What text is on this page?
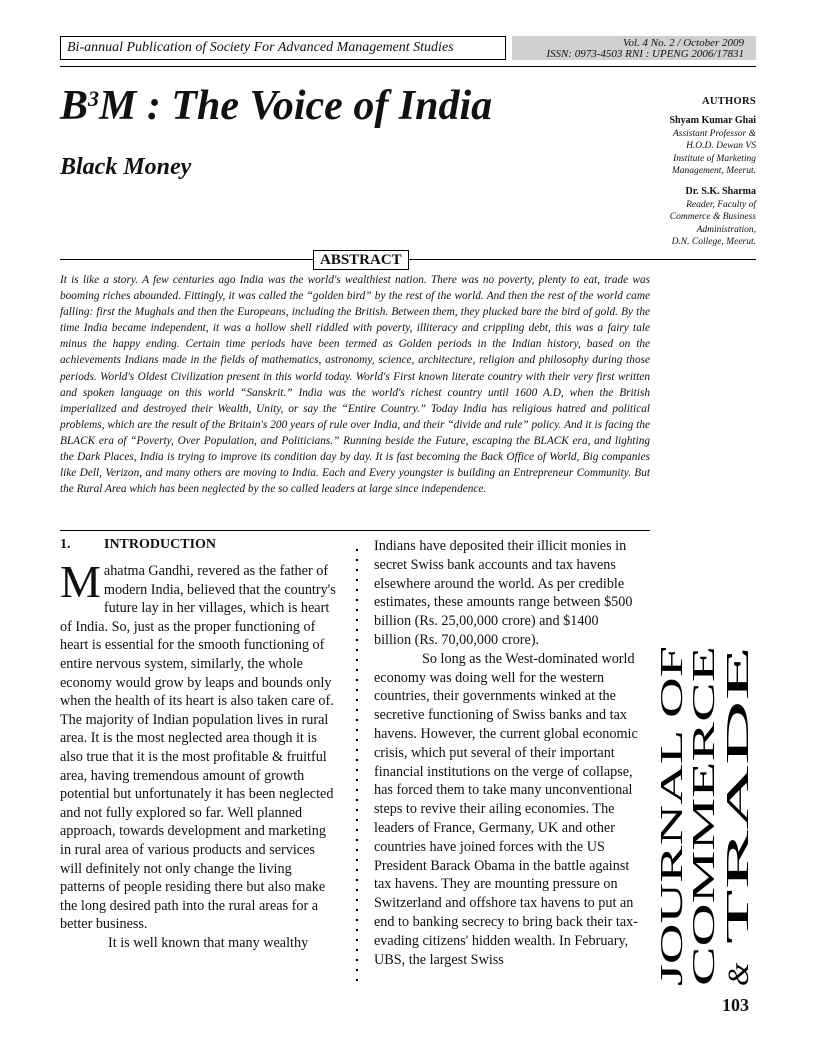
Bi-annual Publication of Society For Advanced Management Studies	Vol. 4 No. 2 / October 2009
ISSN: 0973-4503 RNI : UPENG 2006/17831
$B^3M$ : The Voice of India
Black Money
AUTHORS
Shyam Kumar Ghai
Assistant Professor &
H.O.D. Dewan VS
Institute of Marketing
Management, Meerut.
Dr. S.K. Sharma
Reader, Faculty of
Commerce & Business
Administration,
D.N. College, Meerut.
ABSTRACT
It is like a story. A few centuries ago India was the world's wealthiest nation. There was no poverty, plenty to eat, trade was booming riches abounded. Fittingly, it was called the “golden bird” by the rest of the world. And then the rest of the world came falling: first the Mughals and then the Europeans, including the British. Between them, they plucked bare the bird of gold. By the time India became independent, it was a hollow shell riddled with poverty, illiteracy and crippling debt, this was a fairy tale minus the happy ending. Certain time periods have been termed as Golden periods in the Indian history, based on the achievements Indians made in the fields of mathematics, astronomy, science, architecture, religion and philosophy during those periods. World's Oldest Civilization present in this world today. World's First known literate country with their very first written and spoken language on this world “Sanskrit.” India was the world's richest country until 1600 A.D, when the British imperialized and destroyed their Wealth, Unity, or say the “Entire Country.” Today India has religious hatred and political problems, which are the result of the Britain's 200 years of rule over India, and their “divide and rule” policy. And it is facing the BLACK era of “Poverty, Over Population, and Politicians.” Running beside the Future, escaping the BLACK era, and lighting the Dark Places, India is trying to improve its condition day by day. It is fast becoming the Back Office of World, Big companies like Dell, Verizon, and many others are moving to India. Each and Every youngster is building an Entrepreneur Community. But the Rural Area which has been neglected by the so called leaders at large since independence.
1. INTRODUCTION

Mahatma Gandhi, revered as the father of modern India, believed that the country's future lay in her villages, which is heart of India. So, just as the proper functioning of heart is essential for the smooth functioning of entire nervous system, similarly, the whole economy would grow by leaps and bounds only when the health of its heart is also taken care of. The majority of Indian population lives in rural area. It is the most neglected area though it is also true that it is the most profitable & fruitful area, having tremendous amount of growth potential but unfortunately it has been neglected and not fully explored so far. Well planned approach, towards development and marketing in rural area of various products and services will definitely not only change the living patterns of people residing there but also make the long desired path into the rural areas for a better business.

It is well known that many wealthy

Indians have deposited their illicit monies in secret Swiss bank accounts and tax havens elsewhere around the world. As per credible estimates, these amounts range between $500 billion (Rs. 25,00,000 crore) and $1400 billion (Rs. 70,00,000 crore).

So long as the West-dominated world economy was doing well for the western countries, their governments winked at the secretive functioning of Swiss banks and tax havens. However, the current global economic crisis, which put several of their important financial institutions on the verge of collapse, has forced them to take many unconventional steps to revive their ailing economies. The leaders of France, Germany, UK and other countries have joined forces with the US President Barack Obama in the battle against tax havens. They are mounting pressure on Switzerland and offshore tax havens to put an end to banking secrecy to bring back their tax-evading citizens' hidden wealth. In February, UBS, the largest Swiss	JOURNAL OF
COMMERCE &
TRADE
103
